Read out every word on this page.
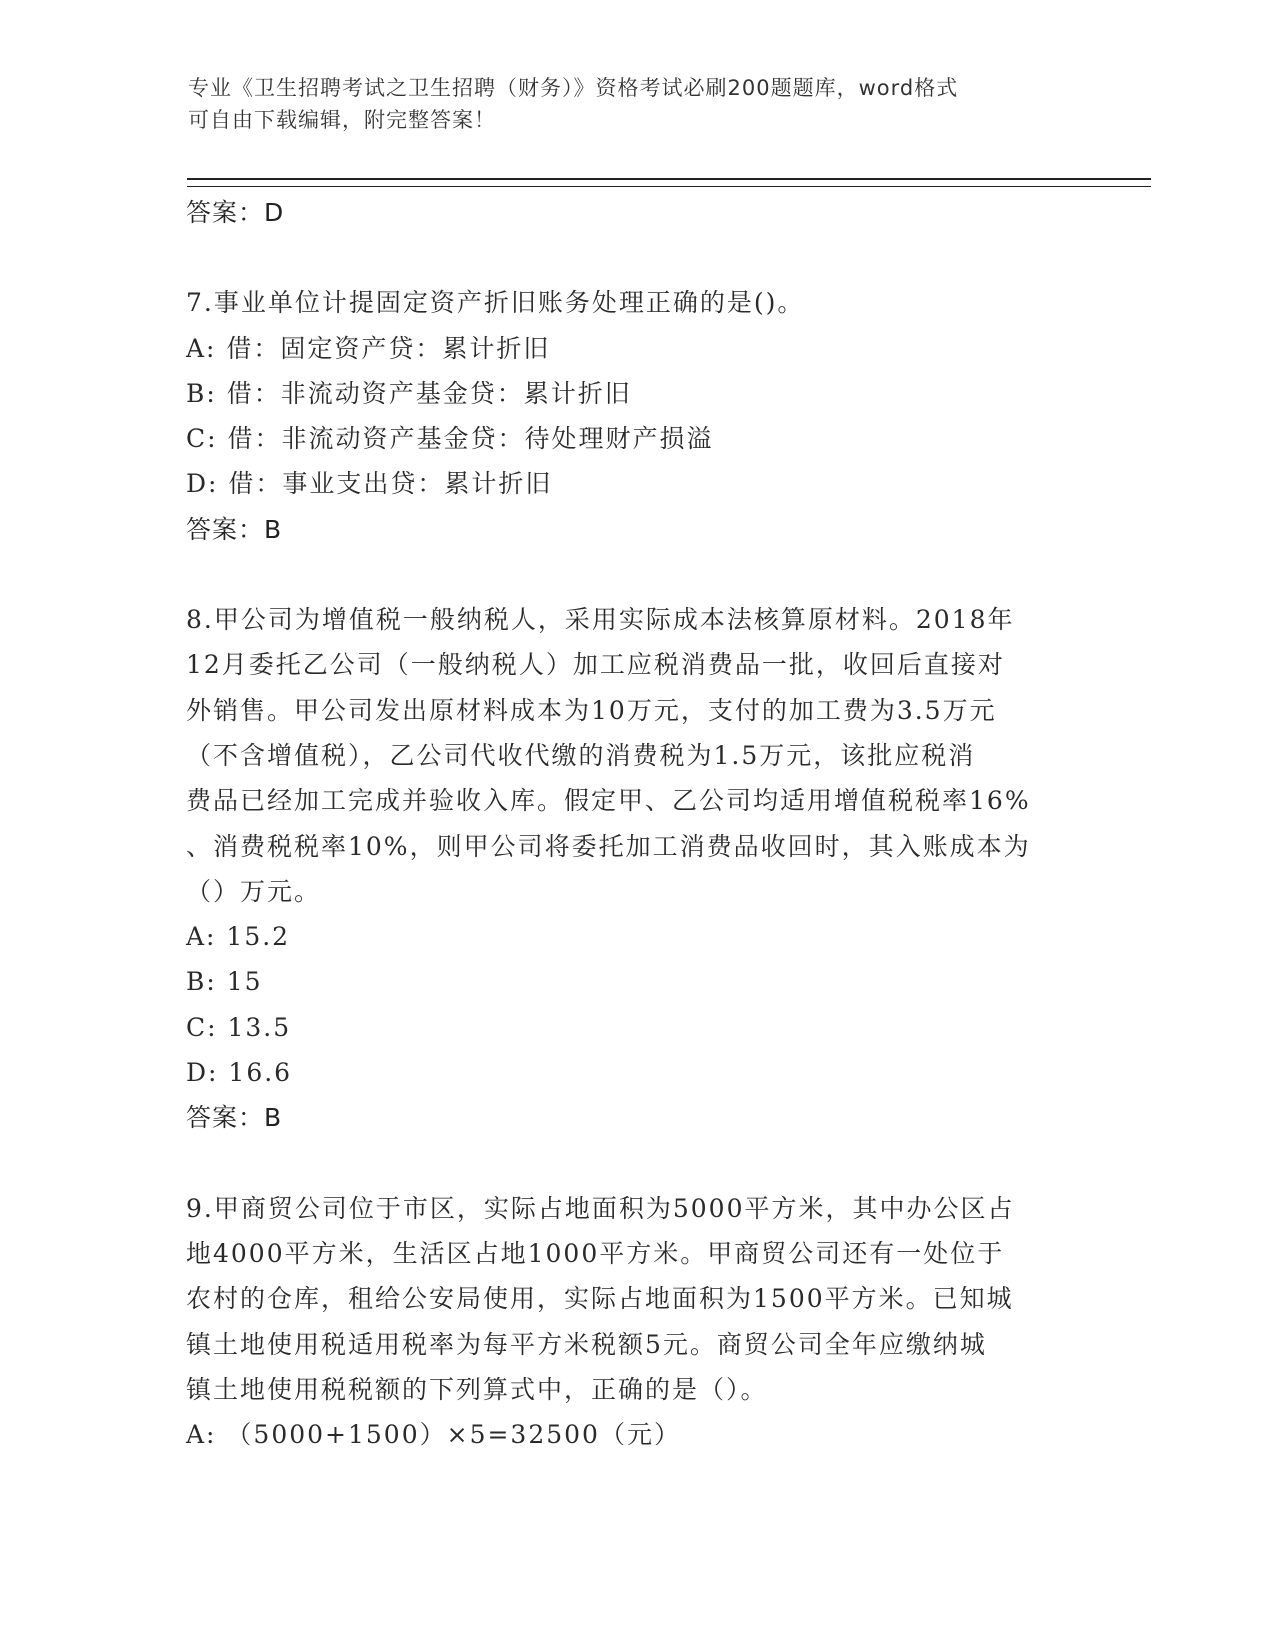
专业《卫生招聘考试之卫生招聘（财务）》资格考试必刷200题题库，word格式
可自由下载编辑，附完整答案！
答案：D
7.事业单位计提固定资产折旧账务处理正确的是()。
A: 借：固定资产贷：累计折旧
B: 借：非流动资产基金贷：累计折旧
C: 借：非流动资产基金贷：待处理财产损溢
D: 借：事业支出贷：累计折旧
答案：B
8.甲公司为增值税一般纳税人，采用实际成本法核算原材料。2018年
12月委托乙公司（一般纳税人）加工应税消费品一批，收回后直接对
外销售。甲公司发出原材料成本为10万元，支付的加工费为3.5万元
（不含增值税），乙公司代收代缴的消费税为1.5万元，该批应税消
费品已经加工完成并验收入库。假定甲、乙公司均适用增值税税率16%
、消费税税率10%，则甲公司将委托加工消费品收回时，其入账成本为
（）万元。
A: 15.2
B: 15
C: 13.5
D: 16.6
答案：B
9.甲商贸公司位于市区，实际占地面积为5000平方米，其中办公区占
地4000平方米，生活区占地1000平方米。甲商贸公司还有一处位于
农村的仓库，租给公安局使用，实际占地面积为1500平方米。已知城
镇土地使用税适用税率为每平方米税额5元。商贸公司全年应缴纳城
镇土地使用税税额的下列算式中，正确的是（）。
A: （5000+1500）×5=32500（元）
